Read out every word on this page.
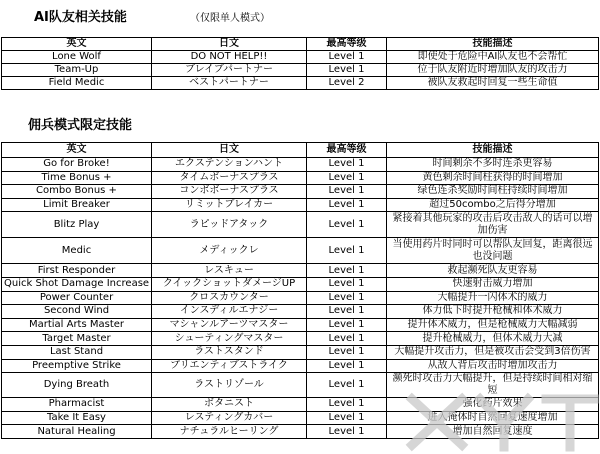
AI队友相关技能	（仅限单人模式）
英文	日文	最高等级	技能描述
Lone Wolf	DO NOT HELP!!	Level 1	即使处于危险中AI队友也不会帮忙
Team-Up	ブレイブパートナー	Level 1	位于队友附近时增加队友的攻击力
Field Medic	ベストパートナー	Level 2	被队友救起时回复一些生命值
佣兵模式限定技能
英文	日文	最高等级	技能描述
Go for Broke!	エクステンションハント	Level 1	时间剩余不多时连杀更容易
Time Bonus +	タイムボーナスプラス	Level 1	黄色剩余时间柱获得的时间增加
Combo Bonus +	コンボボーナスプラス	Level 1	绿色连杀奖励时间柱持续时间增加
Limit Breaker	リミットブレイカー	Level 1	超过50combo之后得分增加
Blitz Play	ラピッドアタック	Level 1	紧接着其他玩家的攻击后攻击敌人的话可以增加伤害
Medic	メディックレ	Level 1	当使用药片时同时可以帮队友回复，距离很远也没问题
First Responder	レスキュー	Level 1	救起濒死队友更容易
Quick Shot Damage Increase	クイックショットダメージUP	Level 1	快速射击威力增加
Power Counter	クロスカウンター	Level 1	大幅提升一闪体术的威力
Second Wind	インスディルエナジー	Level 1	体力低下时提升枪械和体术威力
Martial Arts Master	マシャンルアーツマスター	Level 1	提升体术威力，但是枪械威力大幅减弱
Target Master	シューティングマスター	Level 1	提升枪械威力，但体术威力大减
Last Stand	ラストスタンド	Level 1	大幅提升攻击力，但是被攻击会受到3倍伤害
Preemptive Strike	プリエンティブストライク	Level 1	从敌人背后攻击时增加攻击力
Dying Breath	ラストリゾール	Level 1	濒死时攻击力大幅提升，但是持续时间相对缩短
Pharmacist	ボタニスト	Level 1	强化药片效果
Take It Easy	レスティングカバー	Level 1	进入掩体时自然回复速度增加
Natural Healing	ナチュラルヒーリング	Level 1	增加自然回复速度
